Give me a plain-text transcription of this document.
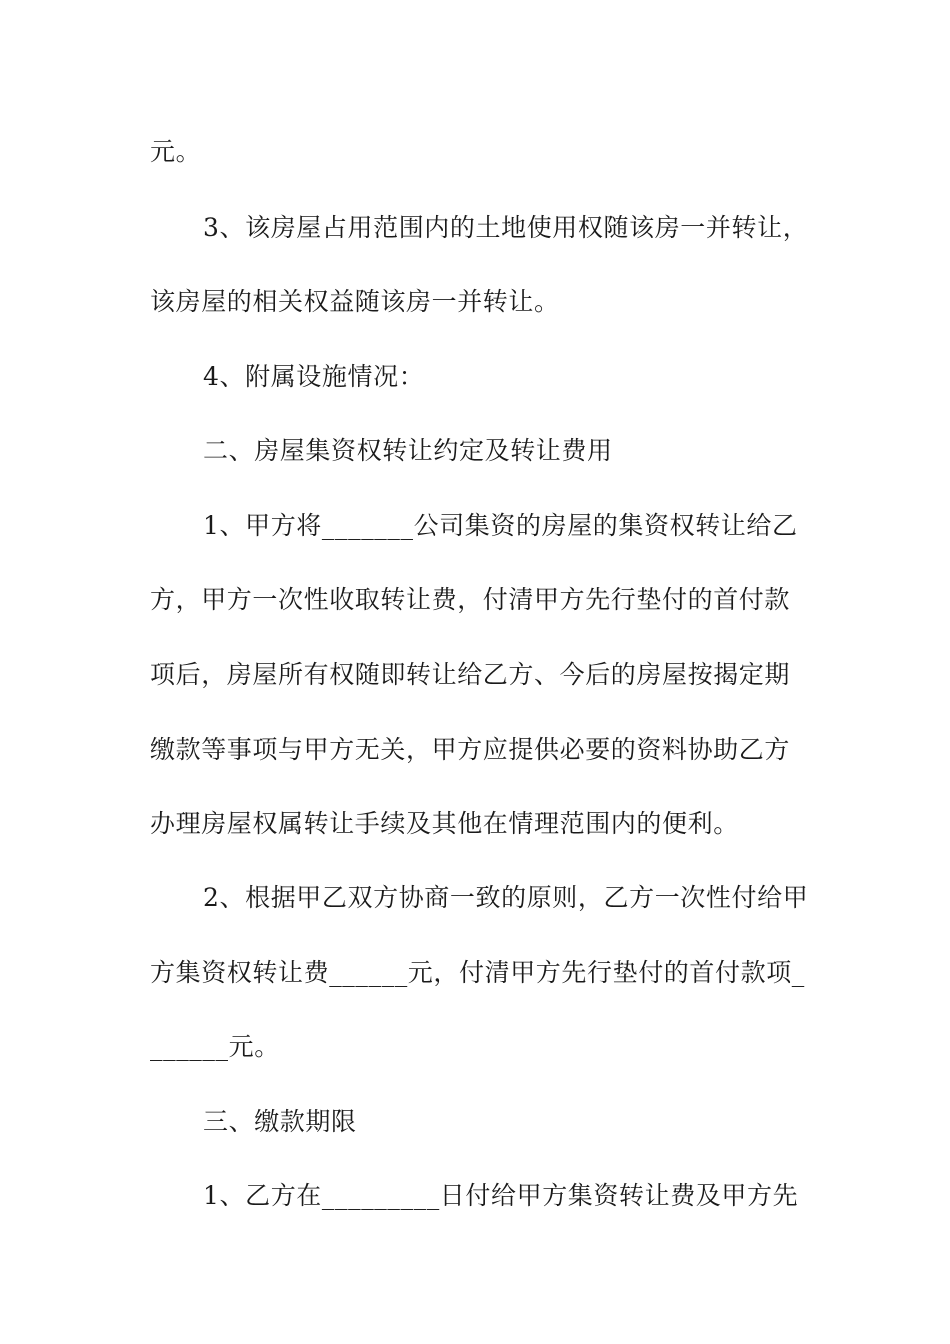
元。
3、该房屋占用范围内的土地使用权随该房一并转让，
该房屋的相关权益随该房一并转让。
4、附属设施情况：
二、房屋集资权转让约定及转让费用
1、甲方将_______公司集资的房屋的集资权转让给乙
方，甲方一次性收取转让费，付清甲方先行垫付的首付款
项后，房屋所有权随即转让给乙方、今后的房屋按揭定期
缴款等事项与甲方无关，甲方应提供必要的资料协助乙方
办理房屋权属转让手续及其他在情理范围内的便利。
2、根据甲乙双方协商一致的原则，乙方一次性付给甲
方集资权转让费______元，付清甲方先行垫付的首付款项_
______元。
三、缴款期限
1、乙方在_________日付给甲方集资转让费及甲方先
